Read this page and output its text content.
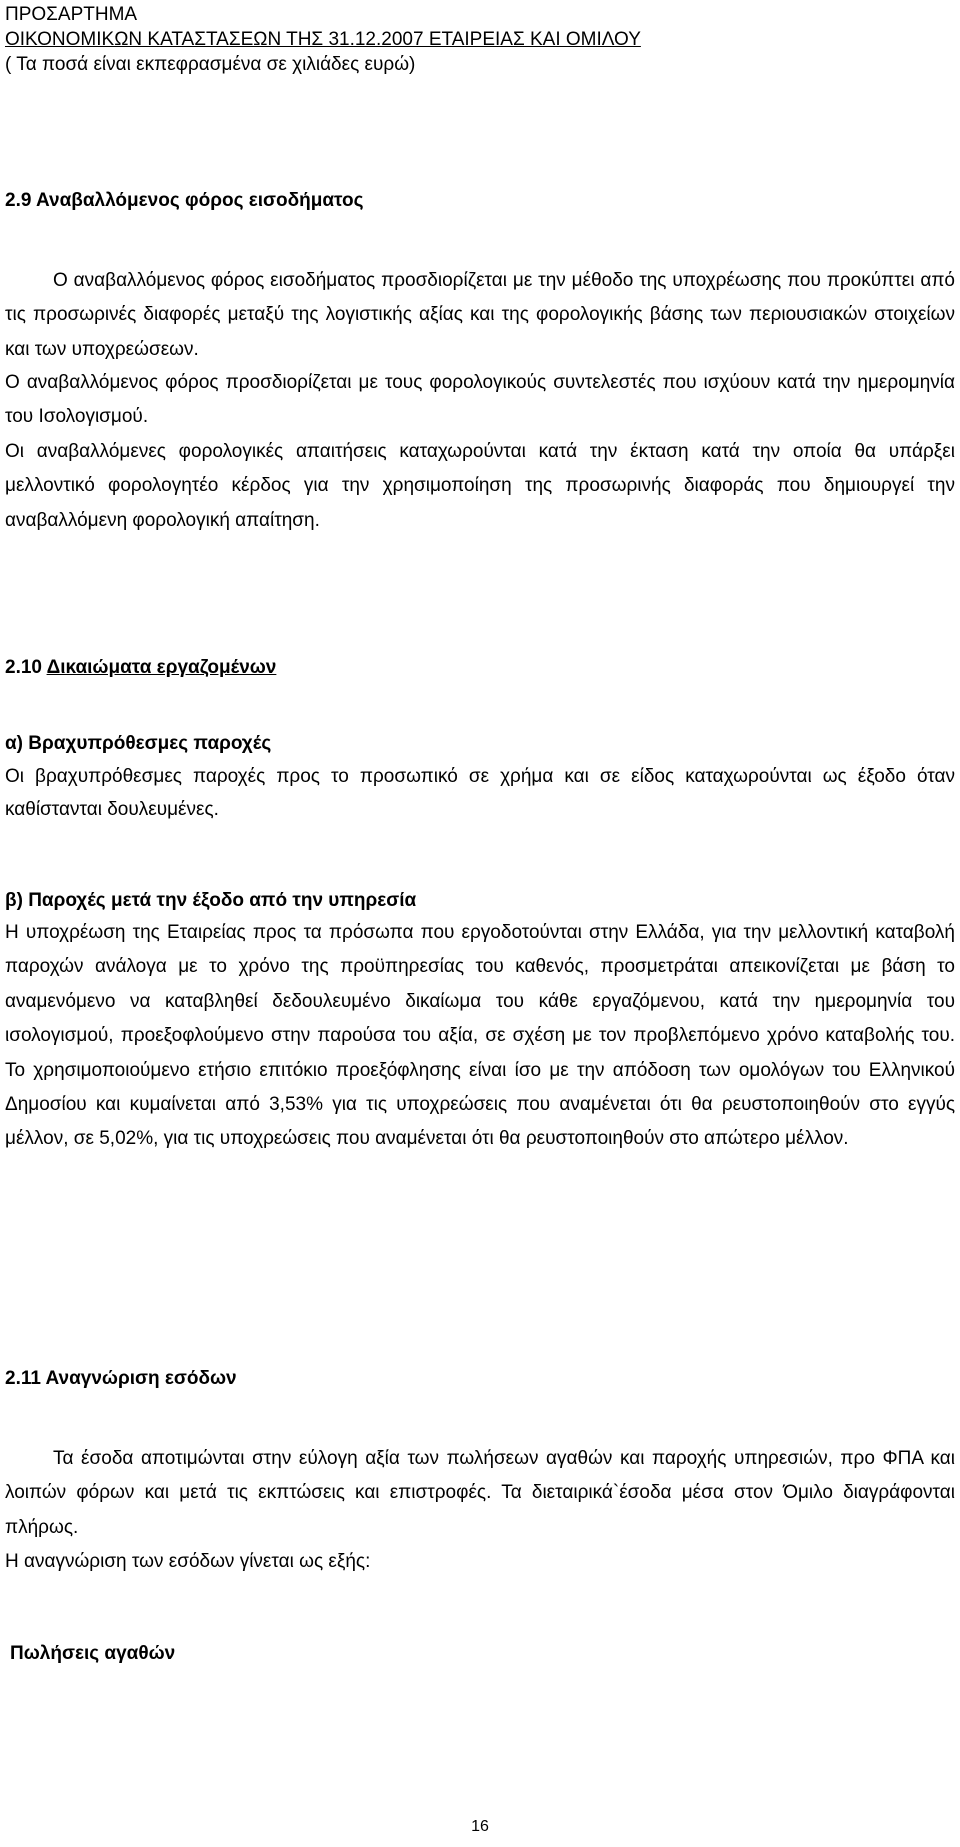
ΠΡΟΣΑΡΤΗΜΑ
ΟΙΚΟΝΟΜΙΚΩΝ ΚΑΤΑΣΤΑΣΕΩΝ ΤΗΣ 31.12.2007 ΕΤΑΙΡΕΙΑΣ ΚΑΙ ΟΜΙΛΟΥ
( Τα ποσά είναι εκπεφρασμένα σε χιλιάδες ευρώ)
2.9 Αναβαλλόμενος φόρος εισοδήματος
Ο αναβαλλόμενος φόρος εισοδήματος προσδιορίζεται με την μέθοδο της υποχρέωσης που προκύπτει από τις προσωρινές διαφορές μεταξύ της λογιστικής αξίας και της φορολογικής βάσης των περιουσιακών στοιχείων και των υποχρεώσεων.
Ο αναβαλλόμενος φόρος προσδιορίζεται με τους φορολογικούς συντελεστές που ισχύουν κατά την ημερομηνία του Ισολογισμού.
Οι αναβαλλόμενες φορολογικές απαιτήσεις καταχωρούνται κατά την έκταση κατά την οποία θα υπάρξει μελλοντικό φορολογητέο κέρδος για την χρησιμοποίηση της προσωρινής διαφοράς που δημιουργεί την αναβαλλόμενη φορολογική απαίτηση.
2.10 Δικαιώματα εργαζομένων
α) Βραχυπρόθεσμες παροχές
Οι βραχυπρόθεσμες παροχές προς το προσωπικό σε χρήμα και σε είδος καταχωρούνται ως έξοδο όταν καθίστανται δουλευμένες.
β) Παροχές μετά την έξοδο από την υπηρεσία
Η υποχρέωση της Εταιρείας προς τα πρόσωπα που εργοδοτούνται στην Ελλάδα, για την μελλοντική καταβολή παροχών ανάλογα με το χρόνο της προϋπηρεσίας του καθενός, προσμετράται απεικονίζεται με βάση το αναμενόμενο να καταβληθεί δεδουλευμένο δικαίωμα του κάθε εργαζόμενου, κατά την ημερομηνία του ισολογισμού, προεξοφλούμενο στην παρούσα του αξία, σε σχέση με τον προβλεπόμενο χρόνο καταβολής του. Το χρησιμοποιούμενο ετήσιο επιτόκιο προεξόφλησης είναι ίσο με την απόδοση των ομολόγων του Ελληνικού Δημοσίου και κυμαίνεται από 3,53% για τις υποχρεώσεις που αναμένεται ότι θα ρευστοποιηθούν στο εγγύς μέλλον, σε 5,02%, για τις υποχρεώσεις που αναμένεται ότι θα ρευστοποιηθούν στο απώτερο μέλλον.
2.11 Αναγνώριση εσόδων
Τα έσοδα αποτιμώνται στην εύλογη αξία των πωλήσεων αγαθών και παροχής υπηρεσιών, προ ΦΠΑ και λοιπών φόρων και μετά τις εκπτώσεις και επιστροφές. Τα διεταιρικά`έσοδα μέσα στον Όμιλο διαγράφονται πλήρως.
Η αναγνώριση των εσόδων γίνεται ως εξής:
Πωλήσεις αγαθών
16
